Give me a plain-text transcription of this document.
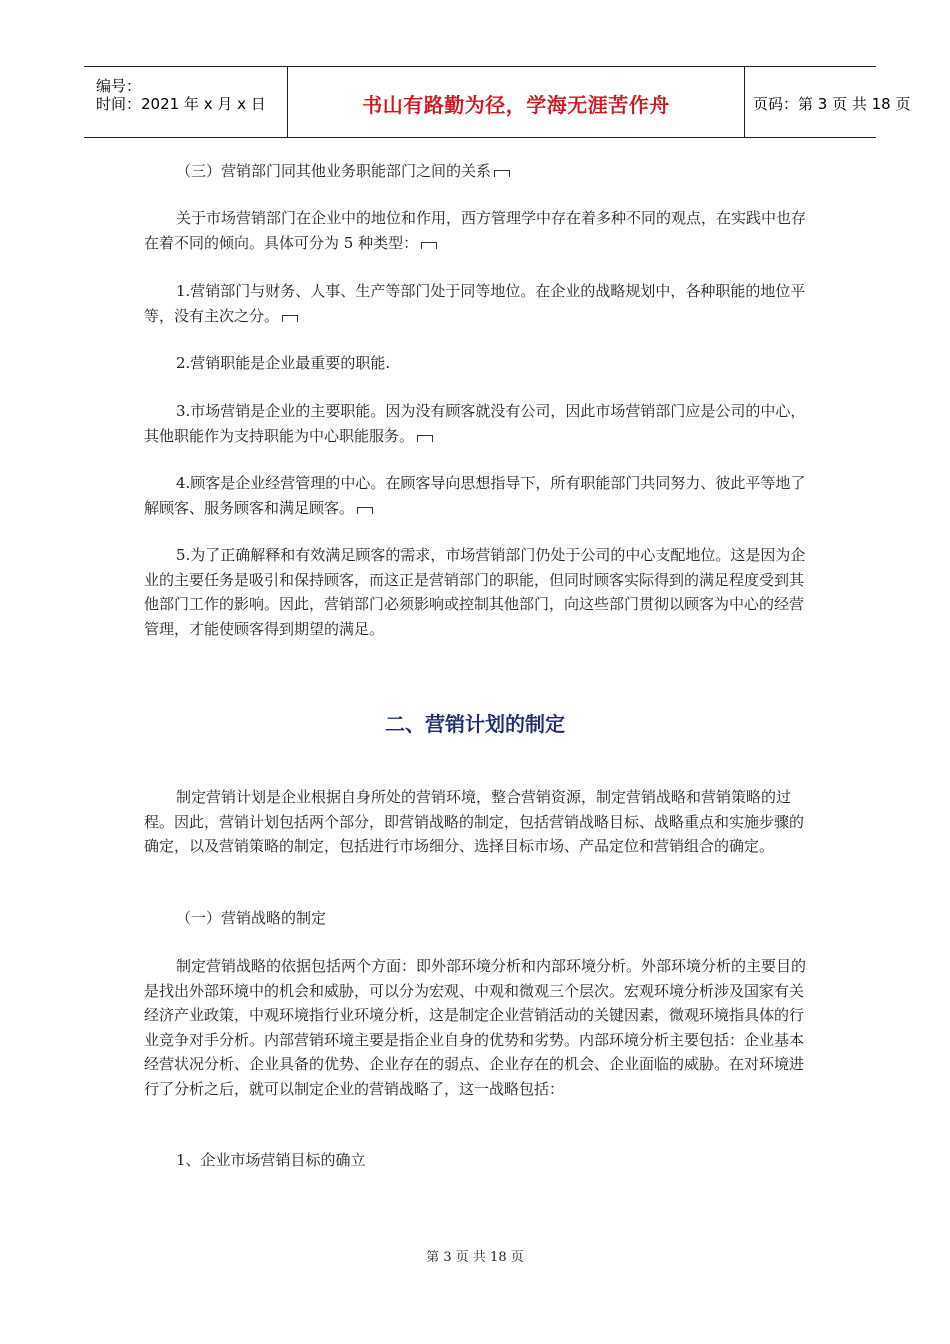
编号：
时间：2021 年 x 月 x 日	书山有路勤为径，学海无涯苦作舟	页码：第 3 页 共 18 页

（三）营销部门同其他业务职能部门之间的关系

关于市场营销部门在企业中的地位和作用，西方管理学中存在着多种不同的观点，在实践中也存在着不同的倾向。具体可分为 5 种类型：

1.营销部门与财务、人事、生产等部门处于同等地位。在企业的战略规划中，各种职能的地位平等，没有主次之分。

2.营销职能是企业最重要的职能.

3.市场营销是企业的主要职能。因为没有顾客就没有公司，因此市场营销部门应是公司的中心，其他职能作为支持职能为中心职能服务。

4.顾客是企业经营管理的中心。在顾客导向思想指导下，所有职能部门共同努力、彼此平等地了解顾客、服务顾客和满足顾客。

5.为了正确解释和有效满足顾客的需求，市场营销部门仍处于公司的中心支配地位。这是因为企业的主要任务是吸引和保持顾客，而这正是营销部门的职能，但同时顾客实际得到的满足程度受到其他部门工作的影响。因此，营销部门必须影响或控制其他部门，向这些部门贯彻以顾客为中心的经营管理，才能使顾客得到期望的满足。

二、营销计划的制定

制定营销计划是企业根据自身所处的营销环境，整合营销资源，制定营销战略和营销策略的过程。因此，营销计划包括两个部分，即营销战略的制定，包括营销战略目标、战略重点和实施步骤的确定，以及营销策略的制定，包括进行市场细分、选择目标市场、产品定位和营销组合的确定。

（一）营销战略的制定

制定营销战略的依据包括两个方面：即外部环境分析和内部环境分析。外部环境分析的主要目的是找出外部环境中的机会和威胁，可以分为宏观、中观和微观三个层次。宏观环境分析涉及国家有关经济产业政策，中观环境指行业环境分析，这是制定企业营销活动的关键因素，微观环境指具体的行业竞争对手分析。内部营销环境主要是指企业自身的优势和劣势。内部环境分析主要包括：企业基本经营状况分析、企业具备的优势、企业存在的弱点、企业存在的机会、企业面临的威胁。在对环境进行了分析之后，就可以制定企业的营销战略了，这一战略包括：

1、企业市场营销目标的确立

第 3 页 共 18 页
